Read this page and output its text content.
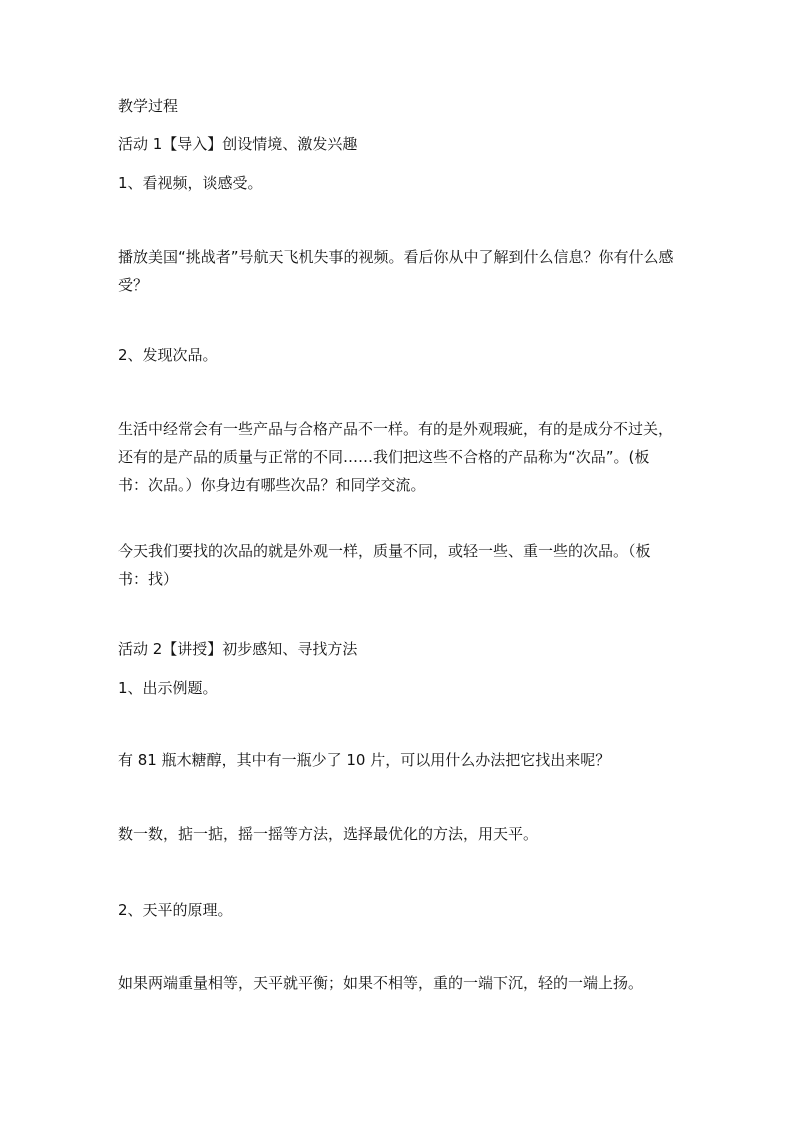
教学过程
活动 1【导入】创设情境、激发兴趣
1、看视频，谈感受。
播放美国“挑战者”号航天飞机失事的视频。看后你从中了解到什么信息？你有什么感受？
2、发现次品。
生活中经常会有一些产品与合格产品不一样。有的是外观瑕疵，有的是成分不过关，还有的是产品的质量与正常的不同……我们把这些不合格的产品称为“次品”。(板书：次品。）你身边有哪些次品？和同学交流。
今天我们要找的次品的就是外观一样，质量不同，或轻一些、重一些的次品。（板书：找）
活动 2【讲授】初步感知、寻找方法
1、出示例题。
有 81 瓶木糖醇，其中有一瓶少了 10 片，可以用什么办法把它找出来呢？
数一数，掂一掂，摇一摇等方法，选择最优化的方法，用天平。
2、天平的原理。
如果两端重量相等，天平就平衡；如果不相等，重的一端下沉，轻的一端上扬。
